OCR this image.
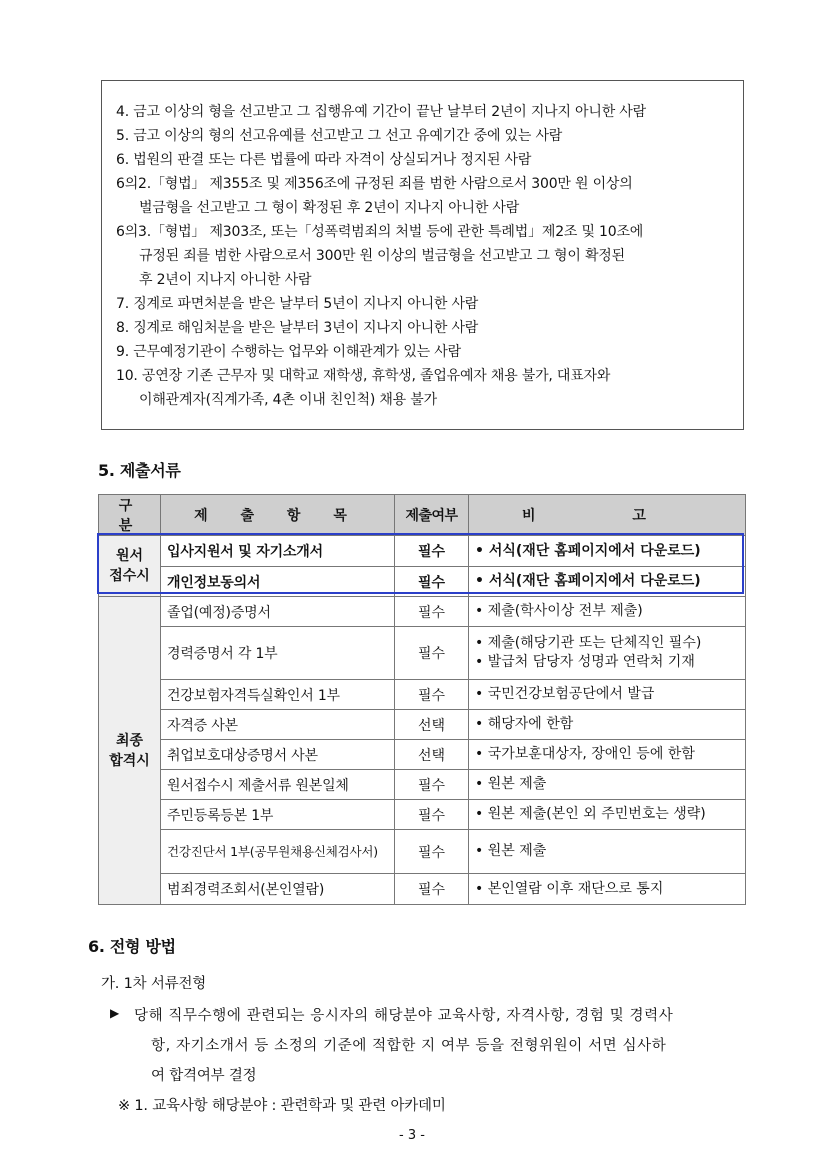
4. 금고 이상의 형을 선고받고 그 집행유예 기간이 끝난 날부터 2년이 지나지 아니한 사람
5. 금고 이상의 형의 선고유예를 선고받고 그 선고 유예기간 중에 있는 사람
6. 법원의 판결 또는 다른 법률에 따라 자격이 상실되거나 정지된 사람
6의2.「형법」 제355조 및 제356조에 규정된 죄를 범한 사람으로서 300만 원 이상의
벌금형을 선고받고 그 형이 확정된 후 2년이 지나지 아니한 사람
6의3.「형법」 제303조, 또는「성폭력범죄의 처벌 등에 관한 특례법」제2조 및 10조에
규정된 죄를 범한 사람으로서 300만 원 이상의 벌금형을 선고받고 그 형이 확정된
후 2년이 지나지 아니한 사람
7. 징계로 파면처분을 받은 날부터 5년이 지나지 아니한 사람
8. 징계로 해임처분을 받은 날부터 3년이 지나지 아니한 사람
9. 근무예정기관이 수행하는 업무와 이해관계가 있는 사람
10. 공연장 기존 근무자 및 대학교 재학생, 휴학생, 졸업유예자 채용 불가, 대표자와
이해관계자(직계가족, 4촌 이내 친인척) 채용 불가
5. 제출서류
구 분	제 출 항 목	제출여부	비 고
원서
접수시	입사지원서 및 자기소개서	필수	• 서식(재단 홈페이지에서 다운로드)

	개인정보동의서	필수	• 서식(재단 홈페이지에서 다운로드)

최종
합격시	졸업(예정)증명서	필수	• 제출(학사이상 전부 제출)

	경력증명서 각 1부	필수	• 제출(해당기관 또는 단체직인 필수)
• 발급처 담당자 성명과 연락처 기재

	건강보험자격득실확인서 1부	필수	• 국민건강보험공단에서 발급

	자격증 사본	선택	• 해당자에 한함

	취업보호대상증명서 사본	선택	• 국가보훈대상자, 장애인 등에 한함

	원서접수시 제출서류 원본일체	필수	• 원본 제출

	주민등록등본 1부	필수	• 원본 제출(본인 외 주민번호는 생략)

	건강진단서 1부(공무원채용신체검사서)	필수	• 원본 제출

	범죄경력조회서(본인열람)	필수	• 본인열람 이후 재단으로 통지
6. 전형 방법
가. 1차 서류전형
▶ 당해 직무수행에 관련되는 응시자의 해당분야 교육사항, 자격사항, 경험 및 경력사
항, 자기소개서 등 소정의 기준에 적합한 지 여부 등을 전형위원이 서면 심사하
여 합격여부 결정
※ 1. 교육사항 해당분야 : 관련학과 및 관련 아카데미
- 3 -
